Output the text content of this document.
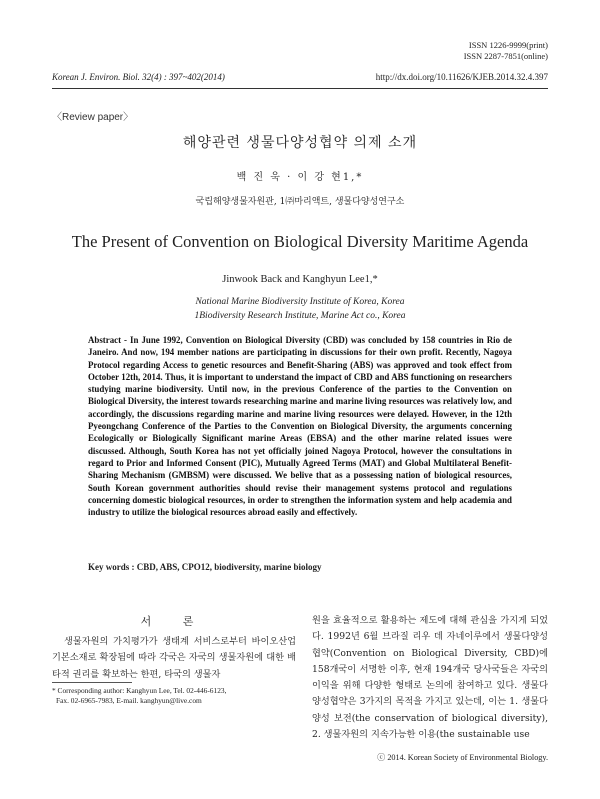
ISSN 1226-9999(print)
ISSN 2287-7851(online)
Korean J. Environ. Biol. 32(4) : 397~402(2014)	http://dx.doi.org/10.11626/KJEB.2014.32.4.397
〈Review paper〉
해양관련 생물다양성협약 의제 소개
백 진 욱 · 이 강 현1,*
국립해양생물자원관, 1㈜마리액트, 생물다양성연구소
The Present of Convention on Biological Diversity Maritime Agenda
Jinwook Back and Kanghyun Lee1,*
National Marine Biodiversity Institute of Korea, Korea
1Biodiversity Research Institute, Marine Act co., Korea
Abstract - In June 1992, Convention on Biological Diversity (CBD) was concluded by 158 countries in Rio de Janeiro. And now, 194 member nations are participating in discussions for their own profit. Recently, Nagoya Protocol regarding Access to genetic resources and Benefit-Sharing (ABS) was approved and took effect from October 12th, 2014. Thus, it is important to understand the impact of CBD and ABS functioning on researchers studying marine biodiversity. Until now, in the previous Conference of the parties to the Convention on Biological Diversity, the interest towards researching marine and marine living resources was relatively low, and accordingly, the discussions regarding marine and marine living resources were delayed. However, in the 12th Pyeongchang Conference of the Parties to the Convention on Biological Diversity, the arguments concerning Ecologically or Biologically Significant marine Areas (EBSA) and the other marine related issues were discussed. Although, South Korea has not yet officially joined Nagoya Protocol, however the consultations in regard to Prior and Informed Consent (PIC), Mutually Agreed Terms (MAT) and Global Multilateral Benefit-Sharing Mechanism (GMBSM) were discussed. We belive that as a possessing nation of biological resources, South Korean government authorities should revise their management systems protocol and regulations concerning domestic biological resources, in order to strengthen the information system and help academia and industry to utilize the biological resources abroad easily and effectively.
Key words : CBD, ABS, CPO12, biodiversity, marine biology
서 론

생물자원의 가치평가가 생태계 서비스로부터 바이오산업 기본소재로 확장됨에 따라 각국은 자국의 생물자원에 대한 배타적 권리를 확보하는 한편, 타국의 생물자

원을 효율적으로 활용하는 제도에 대해 관심을 가지게 되었다. 1992년 6월 브라질 리우 데 자네이루에서 생물다양성협약(Convention on Biological Diversity, CBD)에 158개국이 서명한 이후, 현재 194개국 당사국들은 자국의 이익을 위해 다양한 형태로 논의에 참여하고 있다. 생물다양성협약은 3가지의 목적을 가지고 있는데, 이는 1. 생물다양성 보전(the conservation of biological diversity), 2. 생물자원의 지속가능한 이용(the sustainable use

* Corresponding author: Kanghyun Lee, Tel. 02-446-6123,
Fax. 02-6965-7983, E-mail. kanghyun@live.com
ⓒ 2014. Korean Society of Environmental Biology.
